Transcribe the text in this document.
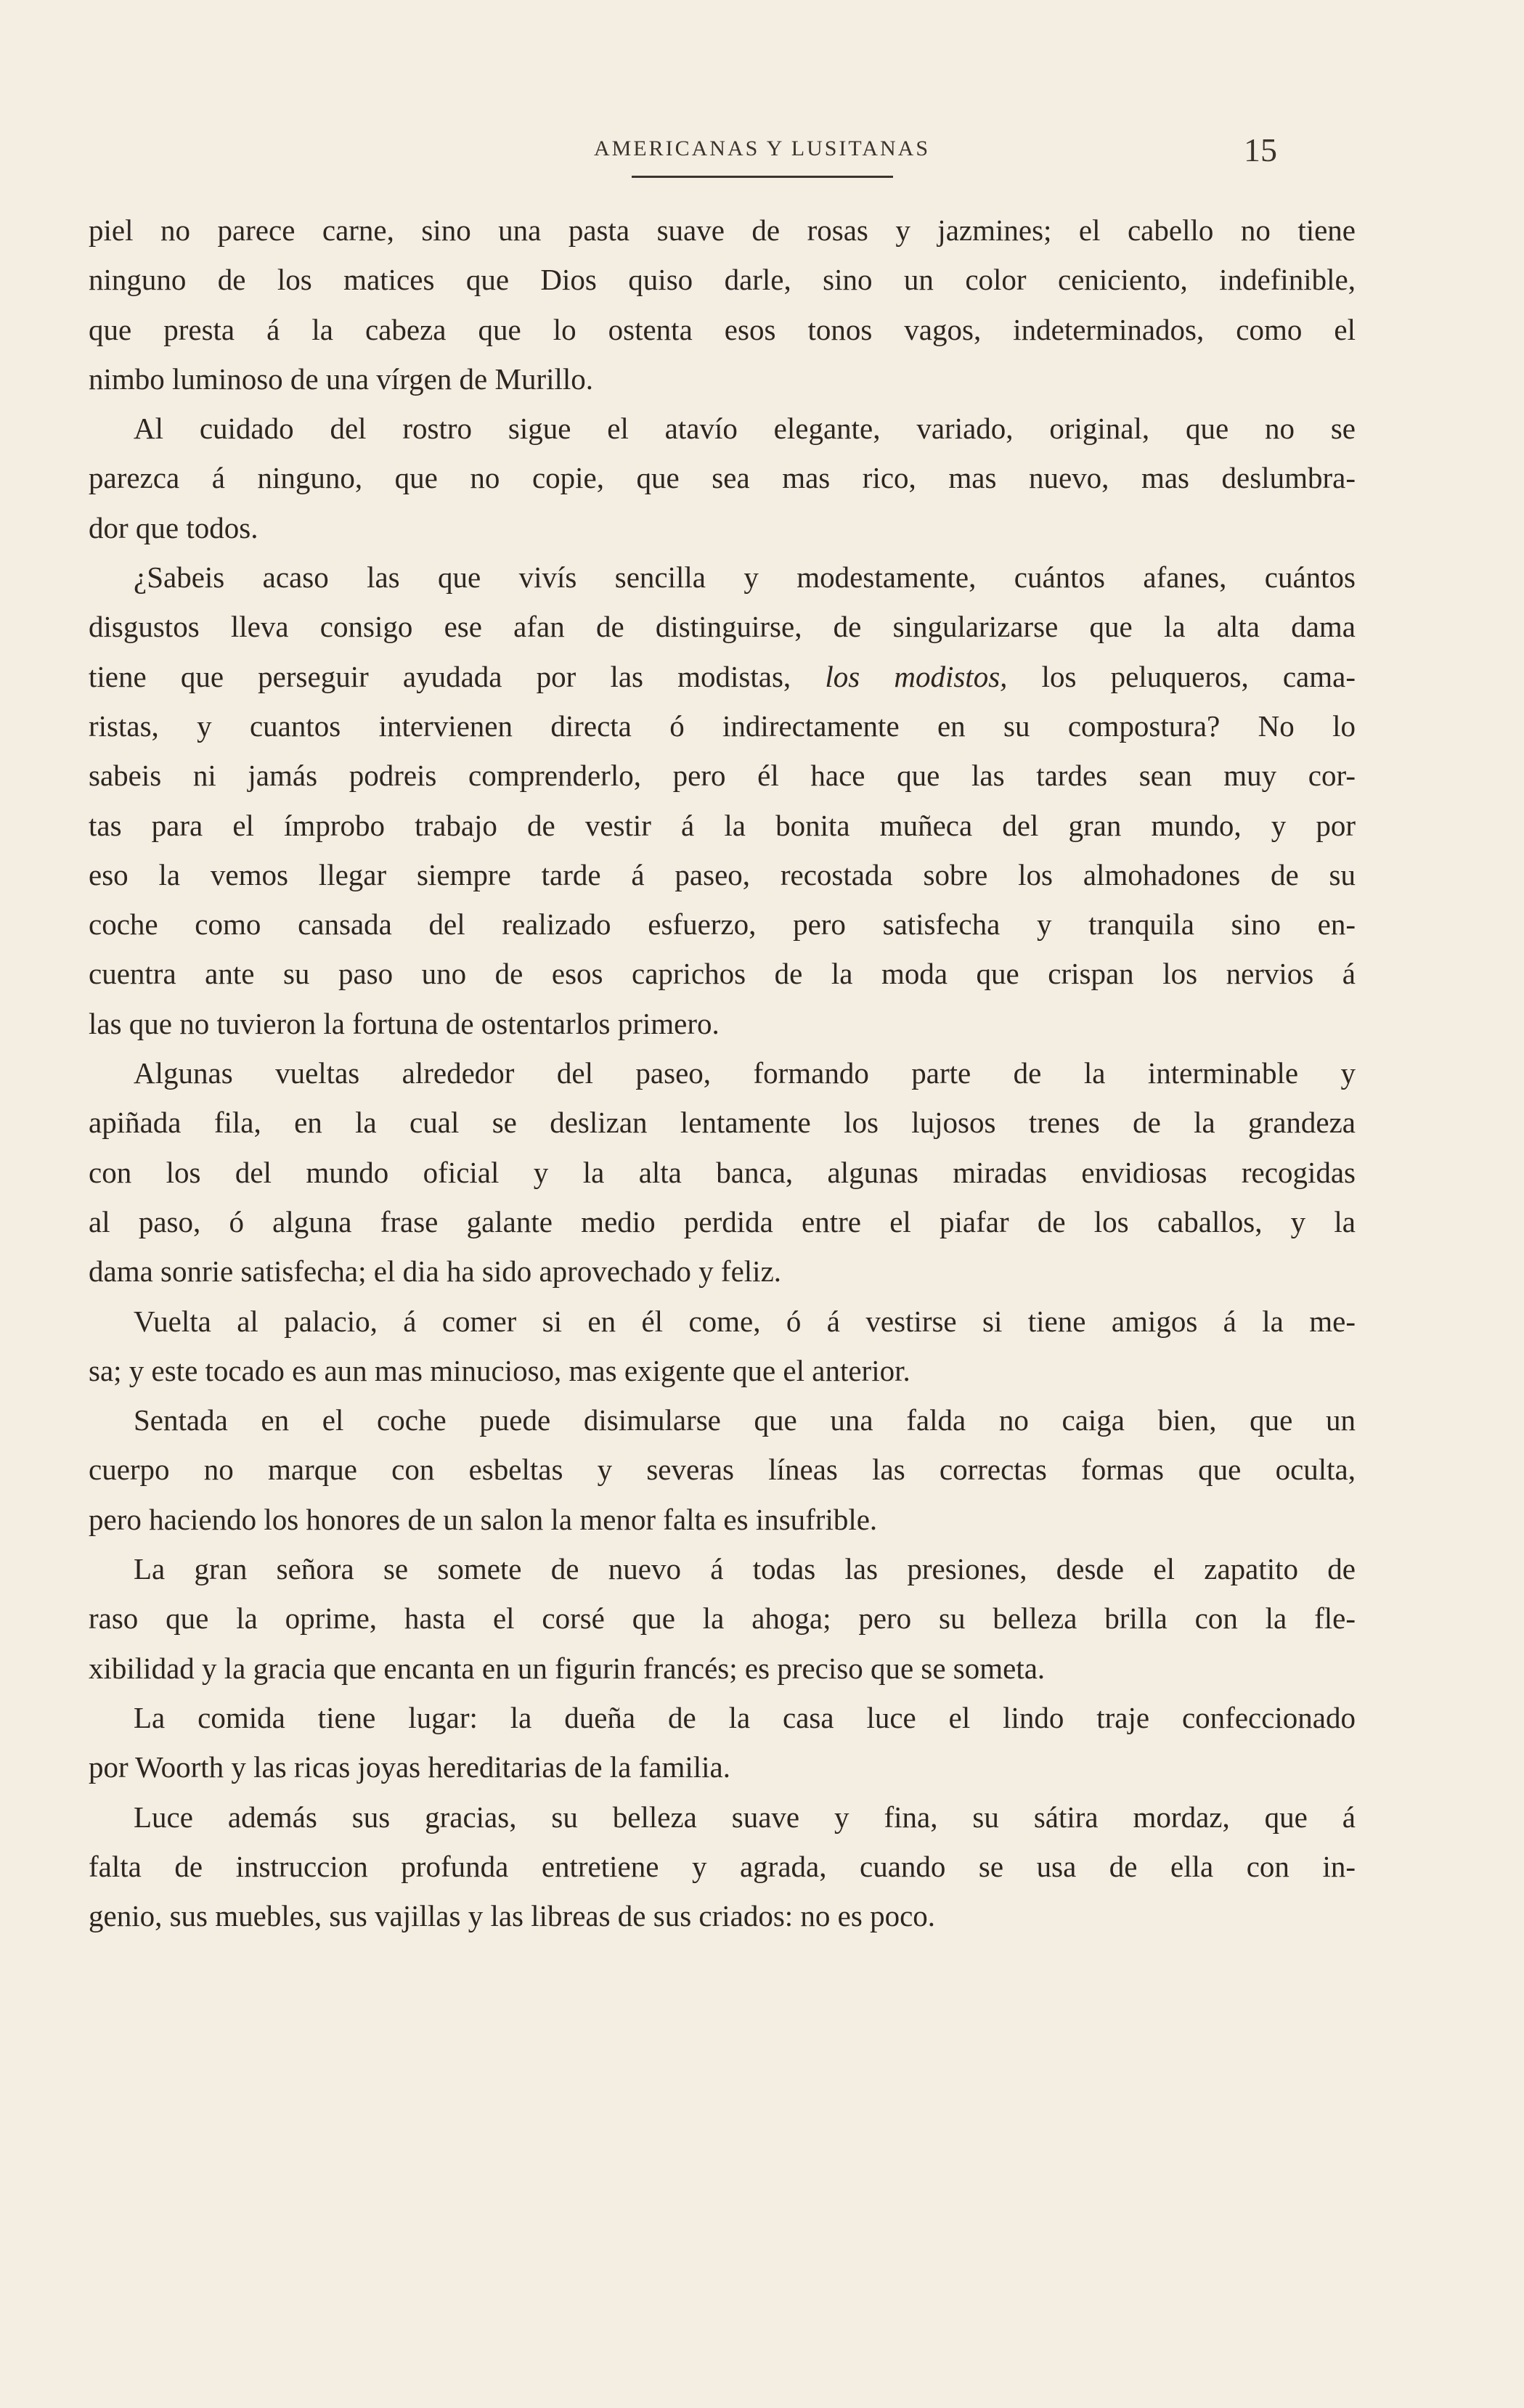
AMERICANAS Y LUSITANAS	15
piel no parece carne, sino una pasta suave de rosas y jazmines; el cabello no tiene
ninguno de los matices que Dios quiso darle, sino un color ceniciento, indefinible,
que presta á la cabeza que lo ostenta esos tonos vagos, indeterminados, como el
nimbo luminoso de una vírgen de Murillo.
Al cuidado del rostro sigue el atavío elegante, variado, original, que no se
parezca á ninguno, que no copie, que sea mas rico, mas nuevo, mas deslumbra-
dor que todos.
¿Sabeis acaso las que vivís sencilla y modestamente, cuántos afanes, cuántos
disgustos lleva consigo ese afan de distinguirse, de singularizarse que la alta dama
tiene que perseguir ayudada por las modistas, los modistos, los peluqueros, cama-
ristas, y cuantos intervienen directa ó indirectamente en su compostura? No lo
sabeis ni jamás podreis comprenderlo, pero él hace que las tardes sean muy cor-
tas para el ímprobo trabajo de vestir á la bonita muñeca del gran mundo, y por
eso la vemos llegar siempre tarde á paseo, recostada sobre los almohadones de su
coche como cansada del realizado esfuerzo, pero satisfecha y tranquila sino en-
cuentra ante su paso uno de esos caprichos de la moda que crispan los nervios á
las que no tuvieron la fortuna de ostentarlos primero.
Algunas vueltas alrededor del paseo, formando parte de la interminable y
apiñada fila, en la cual se deslizan lentamente los lujosos trenes de la grandeza
con los del mundo oficial y la alta banca, algunas miradas envidiosas recogidas
al paso, ó alguna frase galante medio perdida entre el piafar de los caballos, y la
dama sonrie satisfecha; el dia ha sido aprovechado y feliz.
Vuelta al palacio, á comer si en él come, ó á vestirse si tiene amigos á la me-
sa; y este tocado es aun mas minucioso, mas exigente que el anterior.
Sentada en el coche puede disimularse que una falda no caiga bien, que un
cuerpo no marque con esbeltas y severas líneas las correctas formas que oculta,
pero haciendo los honores de un salon la menor falta es insufrible.
La gran señora se somete de nuevo á todas las presiones, desde el zapatito de
raso que la oprime, hasta el corsé que la ahoga; pero su belleza brilla con la fle-
xibilidad y la gracia que encanta en un figurin francés; es preciso que se someta.
La comida tiene lugar: la dueña de la casa luce el lindo traje confeccionado
por Woorth y las ricas joyas hereditarias de la familia.
Luce además sus gracias, su belleza suave y fina, su sátira mordaz, que á
falta de instruccion profunda entretiene y agrada, cuando se usa de ella con in-
genio, sus muebles, sus vajillas y las libreas de sus criados: no es poco.
